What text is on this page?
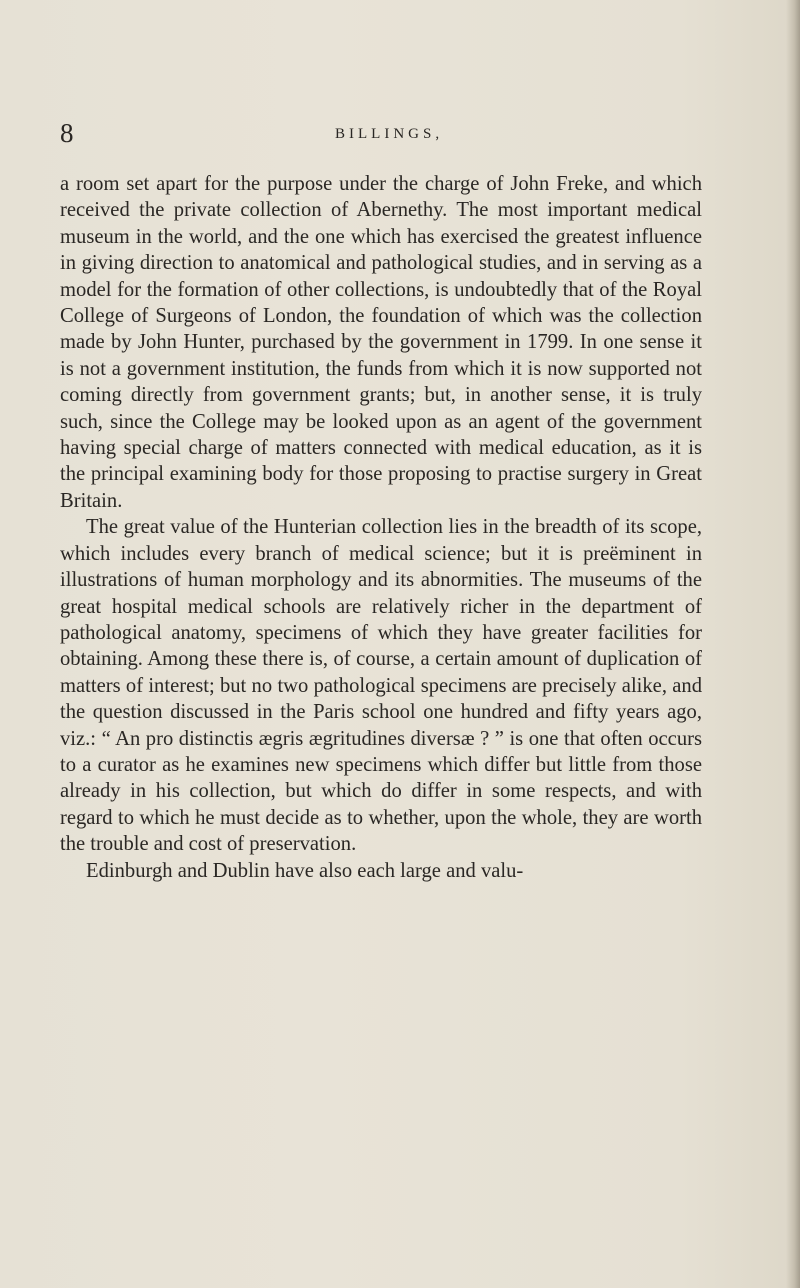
8	BILLINGS,

a room set apart for the purpose under the charge of John Freke, and which received the private collection of Abernethy. The most important medical museum in the world, and the one which has exercised the greatest influence in giving direction to anatomical and pathological studies, and in serving as a model for the formation of other collections, is undoubtedly that of the Royal College of Surgeons of London, the foundation of which was the collection made by John Hunter, purchased by the government in 1799. In one sense it is not a government institution, the funds from which it is now supported not coming directly from government grants; but, in another sense, it is truly such, since the College may be looked upon as an agent of the government having special charge of matters connected with medical education, as it is the principal examining body for those proposing to practise surgery in Great Britain.

The great value of the Hunterian collection lies in the breadth of its scope, which includes every branch of medical science; but it is preëminent in illustrations of human morphology and its abnormities. The museums of the great hospital medical schools are relatively richer in the department of pathological anatomy, specimens of which they have greater facilities for obtaining. Among these there is, of course, a certain amount of duplication of matters of interest; but no two pathological specimens are precisely alike, and the question discussed in the Paris school one hundred and fifty years ago, viz.: “ An pro distinctis ægris ægritudines diversæ ? ” is one that often occurs to a curator as he examines new specimens which differ but little from those already in his collection, but which do differ in some respects, and with regard to which he must decide as to whether, upon the whole, they are worth the trouble and cost of preservation.

Edinburgh and Dublin have also each large and valu-
